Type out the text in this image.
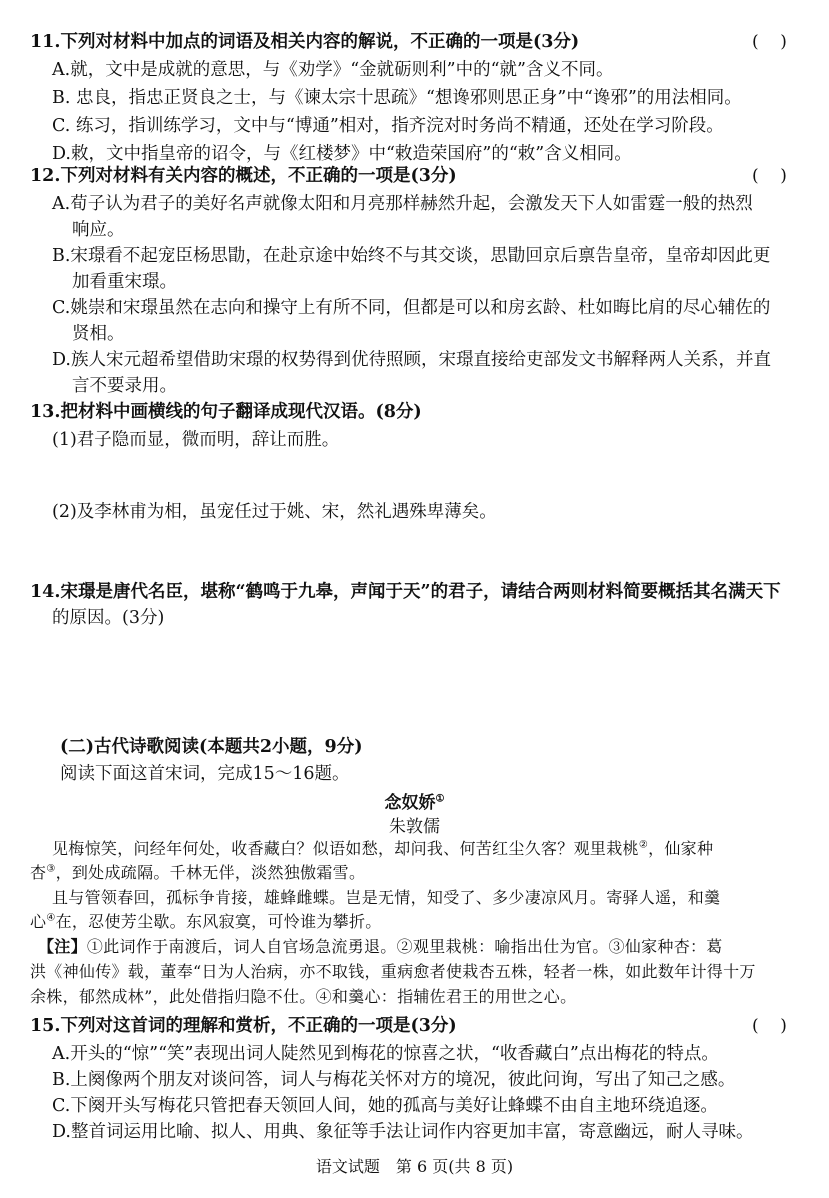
11.下列对材料中加点的词语及相关内容的解说，不正确的一项是(3分)	(    )
A.就，文中是成就的意思，与《劝学》“金就砺则利”中的“就”含义不同。
B. 忠良，指忠正贤良之士，与《谏太宗十思疏》“想谗邪则思正身”中“谗邪”的用法相同。
C. 练习，指训练学习，文中与“博通”相对，指齐浣对时务尚不精通，还处在学习阶段。
D.敕，文中指皇帝的诏令，与《红楼梦》中“敕造荣国府”的“敕”含义相同。
12.下列对材料有关内容的概述，不正确的一项是(3分)	(    )
A.荀子认为君子的美好名声就像太阳和月亮那样赫然升起，会激发天下人如雷霆一般的热烈
响应。
B.宋璟看不起宠臣杨思勖，在赴京途中始终不与其交谈，思勖回京后禀告皇帝，皇帝却因此更
加看重宋璟。
C.姚崇和宋璟虽然在志向和操守上有所不同，但都是可以和房玄龄、杜如晦比肩的尽心辅佐的
贤相。
D.族人宋元超希望借助宋璟的权势得到优待照顾，宋璟直接给吏部发文书解释两人关系，并直
言不要录用。
13.把材料中画横线的句子翻译成现代汉语。(8分)
(1)君子隐而显，微而明，辞让而胜。
(2)及李林甫为相，虽宠任过于姚、宋，然礼遇殊卑薄矣。
14.宋璟是唐代名臣，堪称“鹤鸣于九皋，声闻于天”的君子，请结合两则材料简要概括其名满天下
的原因。(3分)
(二)古代诗歌阅读(本题共2小题，9分)
阅读下面这首宋词，完成15～16题。
念奴娇①
朱敦儒
见梅惊笑，问经年何处，收香藏白？似语如愁，却问我、何苦红尘久客？观里栽桃②，仙家种
杏③，到处成疏隔。千林无伴，淡然独傲霜雪。
且与管领春回，孤标争肯接，雄蜂雌蝶。岂是无情，知受了、多少凄凉风月。寄驿人遥，和羹
心④在，忍使芳尘歇。东风寂寞，可怜谁为攀折。
【注】①此词作于南渡后，词人自官场急流勇退。②观里栽桃：喻指出仕为官。③仙家种杏：葛
洪《神仙传》载，董奉“日为人治病，亦不取钱，重病愈者使栽杏五株，轻者一株，如此数年计得十万
余株，郁然成林”，此处借指归隐不仕。④和羹心：指辅佐君王的用世之心。
15.下列对这首词的理解和赏析，不正确的一项是(3分)	(    )
A.开头的“惊”“笑”表现出词人陡然见到梅花的惊喜之状，“收香藏白”点出梅花的特点。
B.上阕像两个朋友对谈问答，词人与梅花关怀对方的境况，彼此问询，写出了知己之感。
C.下阕开头写梅花只管把春天领回人间，她的孤高与美好让蜂蝶不由自主地环绕追逐。
D.整首词运用比喻、拟人、用典、象征等手法让词作内容更加丰富，寄意幽远，耐人寻味。
语文试题　第 6 页(共 8 页)
